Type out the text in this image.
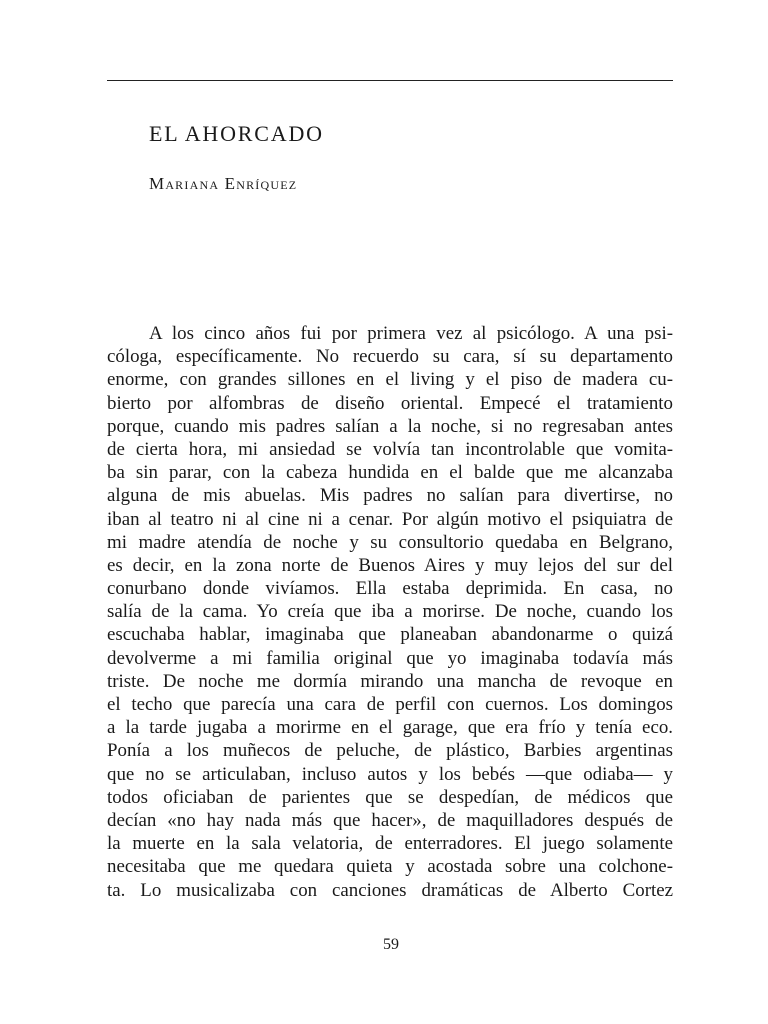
EL AHORCADO
Mariana Enríquez
A los cinco años fui por primera vez al psicólogo. A una psi-
cóloga, específicamente. No recuerdo su cara, sí su departamento
enorme, con grandes sillones en el living y el piso de madera cu-
bierto por alfombras de diseño oriental. Empecé el tratamiento
porque, cuando mis padres salían a la noche, si no regresaban antes
de cierta hora, mi ansiedad se volvía tan incontrolable que vomita-
ba sin parar, con la cabeza hundida en el balde que me alcanzaba
alguna de mis abuelas. Mis padres no salían para divertirse, no
iban al teatro ni al cine ni a cenar. Por algún motivo el psiquiatra de
mi madre atendía de noche y su consultorio quedaba en Belgrano,
es decir, en la zona norte de Buenos Aires y muy lejos del sur del
conurbano donde vivíamos. Ella estaba deprimida. En casa, no
salía de la cama. Yo creía que iba a morirse. De noche, cuando los
escuchaba hablar, imaginaba que planeaban abandonarme o quizá
devolverme a mi familia original que yo imaginaba todavía más
triste. De noche me dormía mirando una mancha de revoque en
el techo que parecía una cara de perfil con cuernos. Los domingos
a la tarde jugaba a morirme en el garage, que era frío y tenía eco.
Ponía a los muñecos de peluche, de plástico, Barbies argentinas
que no se articulaban, incluso autos y los bebés —que odiaba— y
todos oficiaban de parientes que se despedían, de médicos que
decían «no hay nada más que hacer», de maquilladores después de
la muerte en la sala velatoria, de enterradores. El juego solamente
necesitaba que me quedara quieta y acostada sobre una colchone-
ta. Lo musicalizaba con canciones dramáticas de Alberto Cortez
59
